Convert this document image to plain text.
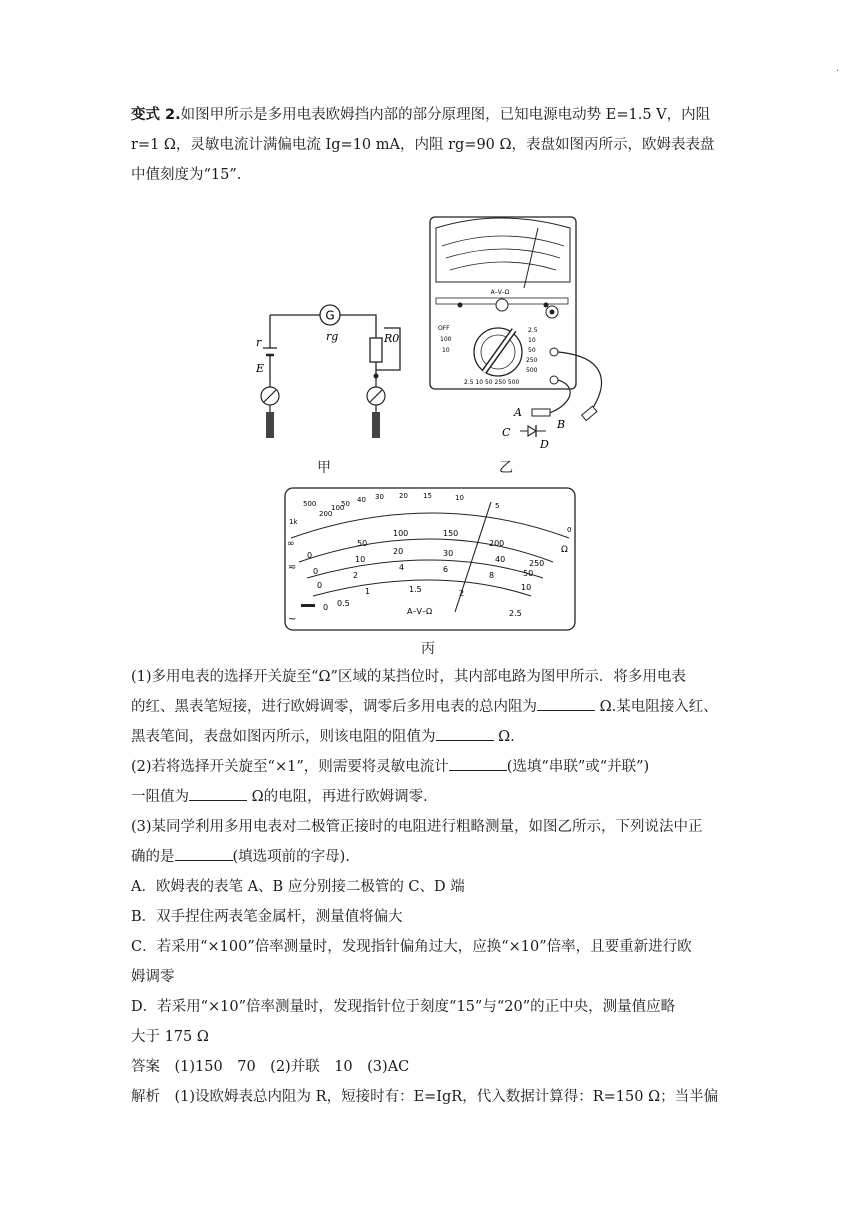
·
变式 2.如图甲所示是多用电表欧姆挡内部的部分原理图，已知电源电动势 E=1.5 V，内阻
r=1 Ω，灵敏电流计满偏电流 Ig=10 mA，内阻 rg=90 Ω，表盘如图丙所示，欧姆表表盘
中值刻度为“15”.
G
rg	R0
r
E
甲
A–V–Ω
OFF
100
10
2.5
10
50
250
500
2.5 10 50 250 500
A
B
C
D
乙
500
200
100
50 40 30 20 15	10
5
0
1k
∞
Ω
≂
~
0
50
100	150
200
250
0
10
20	30
40
50
0
2
4	6
8
10
0 0.5
1	1.5	2
2.5
A–V–Ω
丙
(1)多用电表的选择开关旋至“Ω”区域的某挡位时，其内部电路为图甲所示．将多用电表
的红、黑表笔短接，进行欧姆调零，调零后多用电表的总内阻为	Ω.某电阻接入红、
黑表笔间，表盘如图丙所示，则该电阻的阻值为	Ω.
(2)若将选择开关旋至“×1”，则需要将灵敏电流计	(选填“串联”或“并联”)
一阻值为	Ω的电阻，再进行欧姆调零.
(3)某同学利用多用电表对二极管正接时的电阻进行粗略测量，如图乙所示，下列说法中正
确的是	(填选项前的字母).
A．欧姆表的表笔 A、B 应分别接二极管的 C、D 端
B．双手捏住两表笔金属杆，测量值将偏大
C．若采用“×100”倍率测量时，发现指针偏角过大，应换“×10”倍率，且要重新进行欧
姆调零
D．若采用“×10”倍率测量时，发现指针位于刻度“15”与“20”的正中央，测量值应略
大于 175 Ω
答案　(1)150　70　(2)并联　10　(3)AC
解析　(1)设欧姆表总内阻为 R，短接时有：E=IgR，代入数据计算得：R=150 Ω；当半偏
